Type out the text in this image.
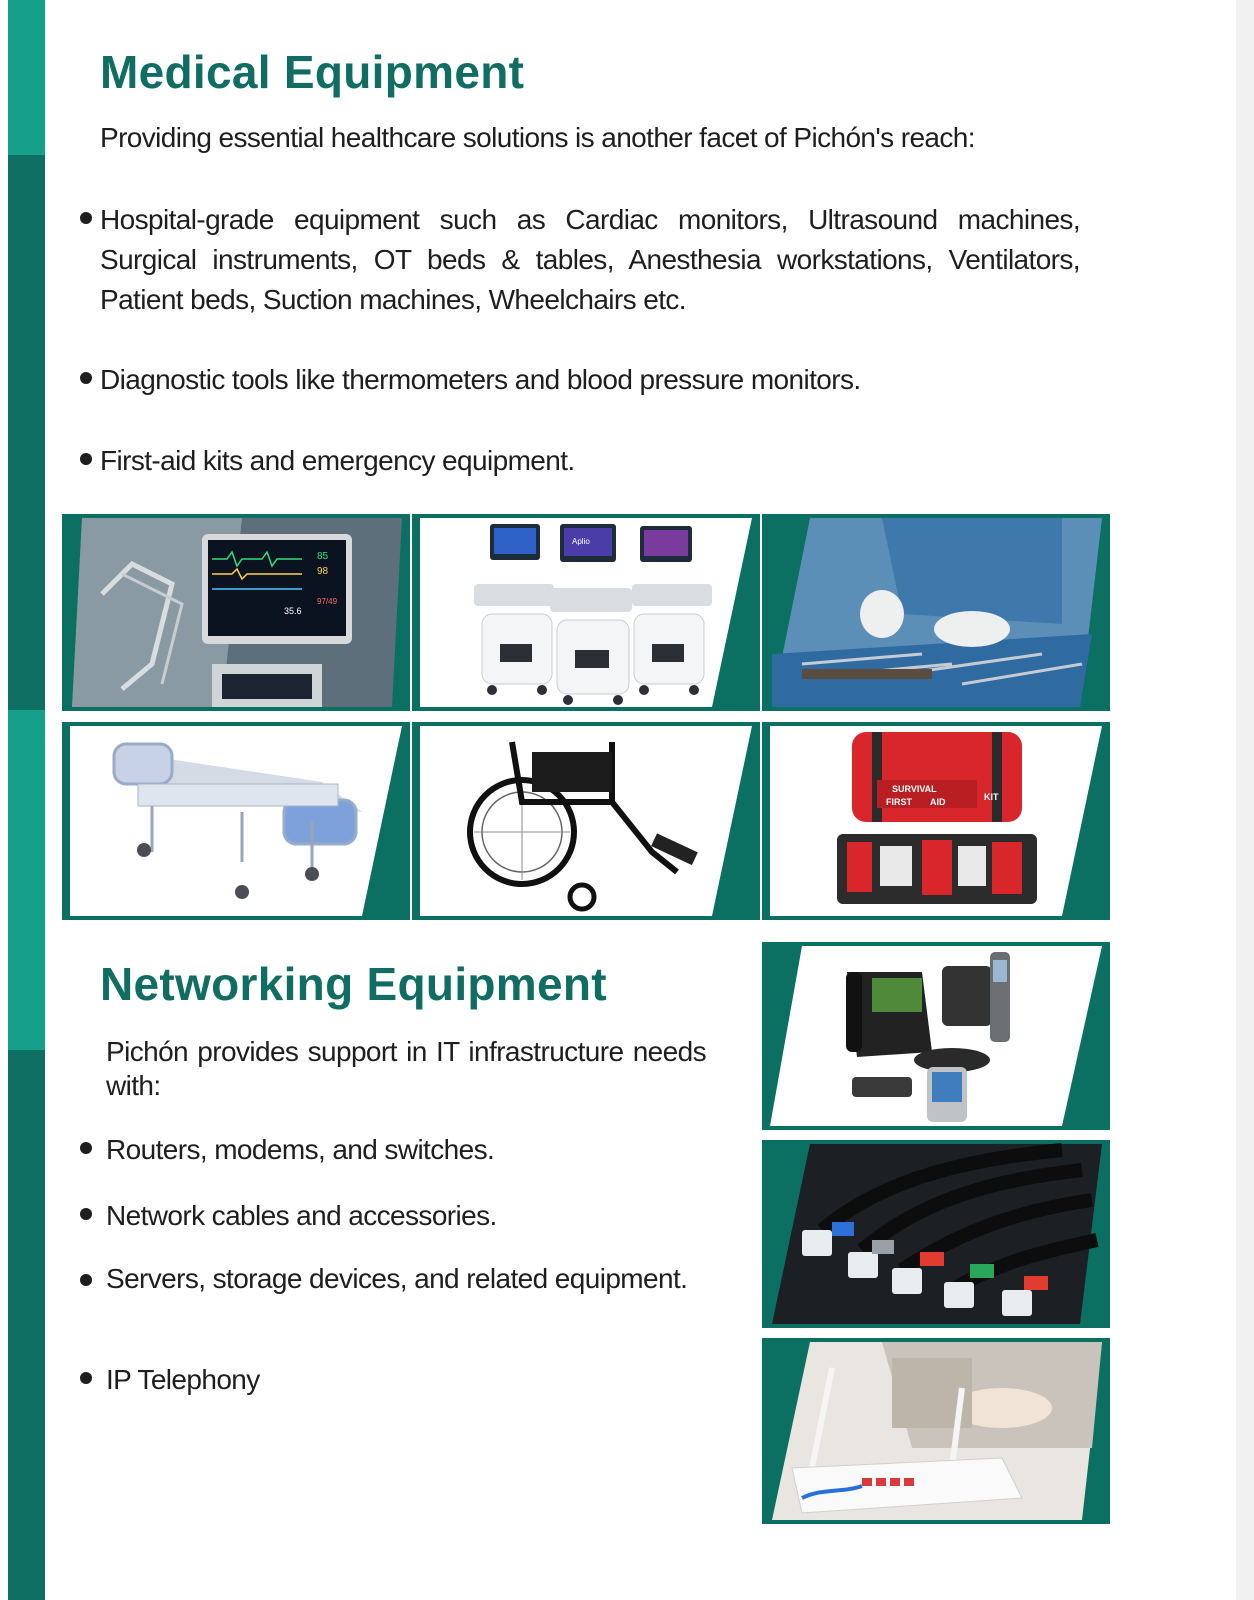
Medical Equipment
Providing essential healthcare solutions is another facet of Pichón's reach:
Hospital-grade equipment such as Cardiac monitors, Ultrasound machines, Surgical instruments, OT beds & tables, Anesthesia workstations, Ventilators, Patient beds, Suction machines, Wheelchairs etc.
Diagnostic tools like thermometers and blood pressure monitors.
First-aid kits and emergency equipment.
85
98
35.6
97/49
Aplio
SURVIVAL
FIRST AID	KIT
Networking Equipment
Pichón provides support in IT infrastructure needs with:
Routers, modems, and switches.
Network cables and accessories.
Servers, storage devices, and related equipment.
IP Telephony
